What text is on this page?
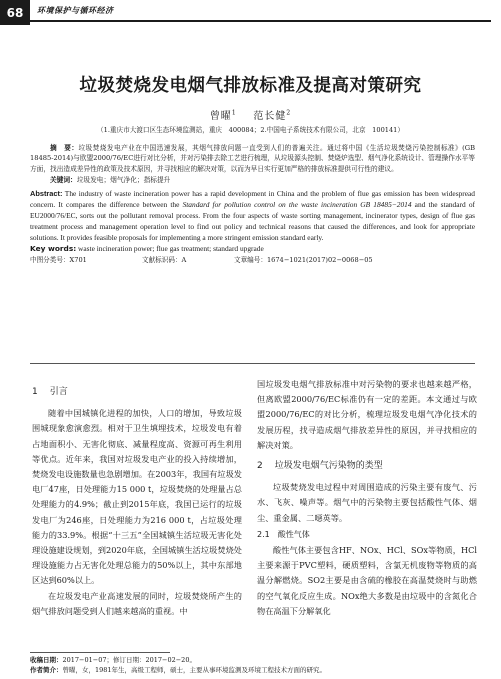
68	环境保护与循环经济
垃圾焚烧发电烟气排放标准及提高对策研究
曾曜$^1$ 范长健$^2$
（1.重庆市大渡口区生态环境监测站，重庆　400084；2.中国电子系统技术有限公司，北京　100141）

摘　要：垃圾焚烧发电产业在中国迅速发展，其烟气排放问题一直受到人们的普遍关注。通过将中国《生活垃圾焚烧污染控制标准》(GB 18485-2014)与欧盟2000/76/EC进行对比分析，并对污染排去除工艺进行梳理，从垃圾源头控制、焚烧炉选型、烟气净化系统设计、管理操作水平等方面，找出造成差异性的政策及技术原因，并寻找相应的解决对策，以而为早日实行更加严格的排放标准提供可行性的建议。

关键词：垃圾发电；烟气净化；指标提升

Abstract: The industry of waste incineration power has a rapid development in China and the problem of flue gas emission has been widespread concern. It compares the difference between the Standard for pollution control on the waste incineration GB 18485−2014 and the standard of EU2000/76/EC, sorts out the pollutant removal process. From the four aspects of waste sorting management, incinerator types, design of flue gas treatment process and management operation level to find out policy and technical reasons that caused the differences, and look for appropriate solutions. It provides feasible proposals for implementing a more stringent emission standard early.

Key words: waste incineration power; flue gas treatment; standard upgrade

中图分类号：X701	文献标识码：A	文章编号：1674−1021(2017)02−0068−05
1 引言

随着中国城镇化进程的加快，人口的增加，导致垃圾围城现象愈演愈烈。相对于卫生填埋技术，垃圾发电有着占地面积小、无害化彻底、减量程度高、资源可再生利用等优点。近年来，我国对垃圾发电产业的投入持续增加，焚烧发电设施数量也急剧增加。在2003年，我国有垃圾发电厂47座，日处理能力15 000 t，垃圾焚烧的处理量占总处理能力的4.9%；截止到2015年底，我国已运行的垃圾发电厂为246座，日处理能力为216 000 t，占垃圾处理能力的33.9%。根据“十三五”全国城镇生活垃圾无害化处理设施建设规划，到2020年底，全国城镇生活垃圾焚烧处理设施能力占无害化处理总能力的50%以上，其中东部地区达到60%以上。

在垃圾发电产业高速发展的同时，垃圾焚烧所产生的烟气排放问题受到人们越来越高的重视。中

国垃圾发电烟气排放标准中对污染物的要求也越来越严格，但离欧盟2000/76/EC标准仍有一定的差距。本文通过与欧盟2000/76/EC的对比分析，梳理垃圾发电烟气净化技术的发展历程，找寻造成烟气排放差异性的原因，并寻找相应的解决对策。

2 垃圾发电烟气污染物的类型

垃圾焚烧发电过程中对周围造成的污染主要有废气、污水、飞灰、噪声等。烟气中的污染物主要包括酸性气体、烟尘、重金属、二噁英等。

2.1 酸性气体

酸性气体主要包含HF、NOx、HCl、SOx等物质，HCl主要来源于PVC塑料，硬质塑料，含氯无机废物等物质的高温分解燃烧。SO2主要是由含硫的橡胶在高温焚烧时与助燃的空气氧化反应生成。NOx绝大多数是由垃圾中的含氮化合物在高温下分解氧化

收稿日期：2017−01−07；修订日期：2017−02−20。
作者简介：曾曜，女，1981年生，高级工程师，硕士，主要从事环境监测及环境工程技术方面的研究。
